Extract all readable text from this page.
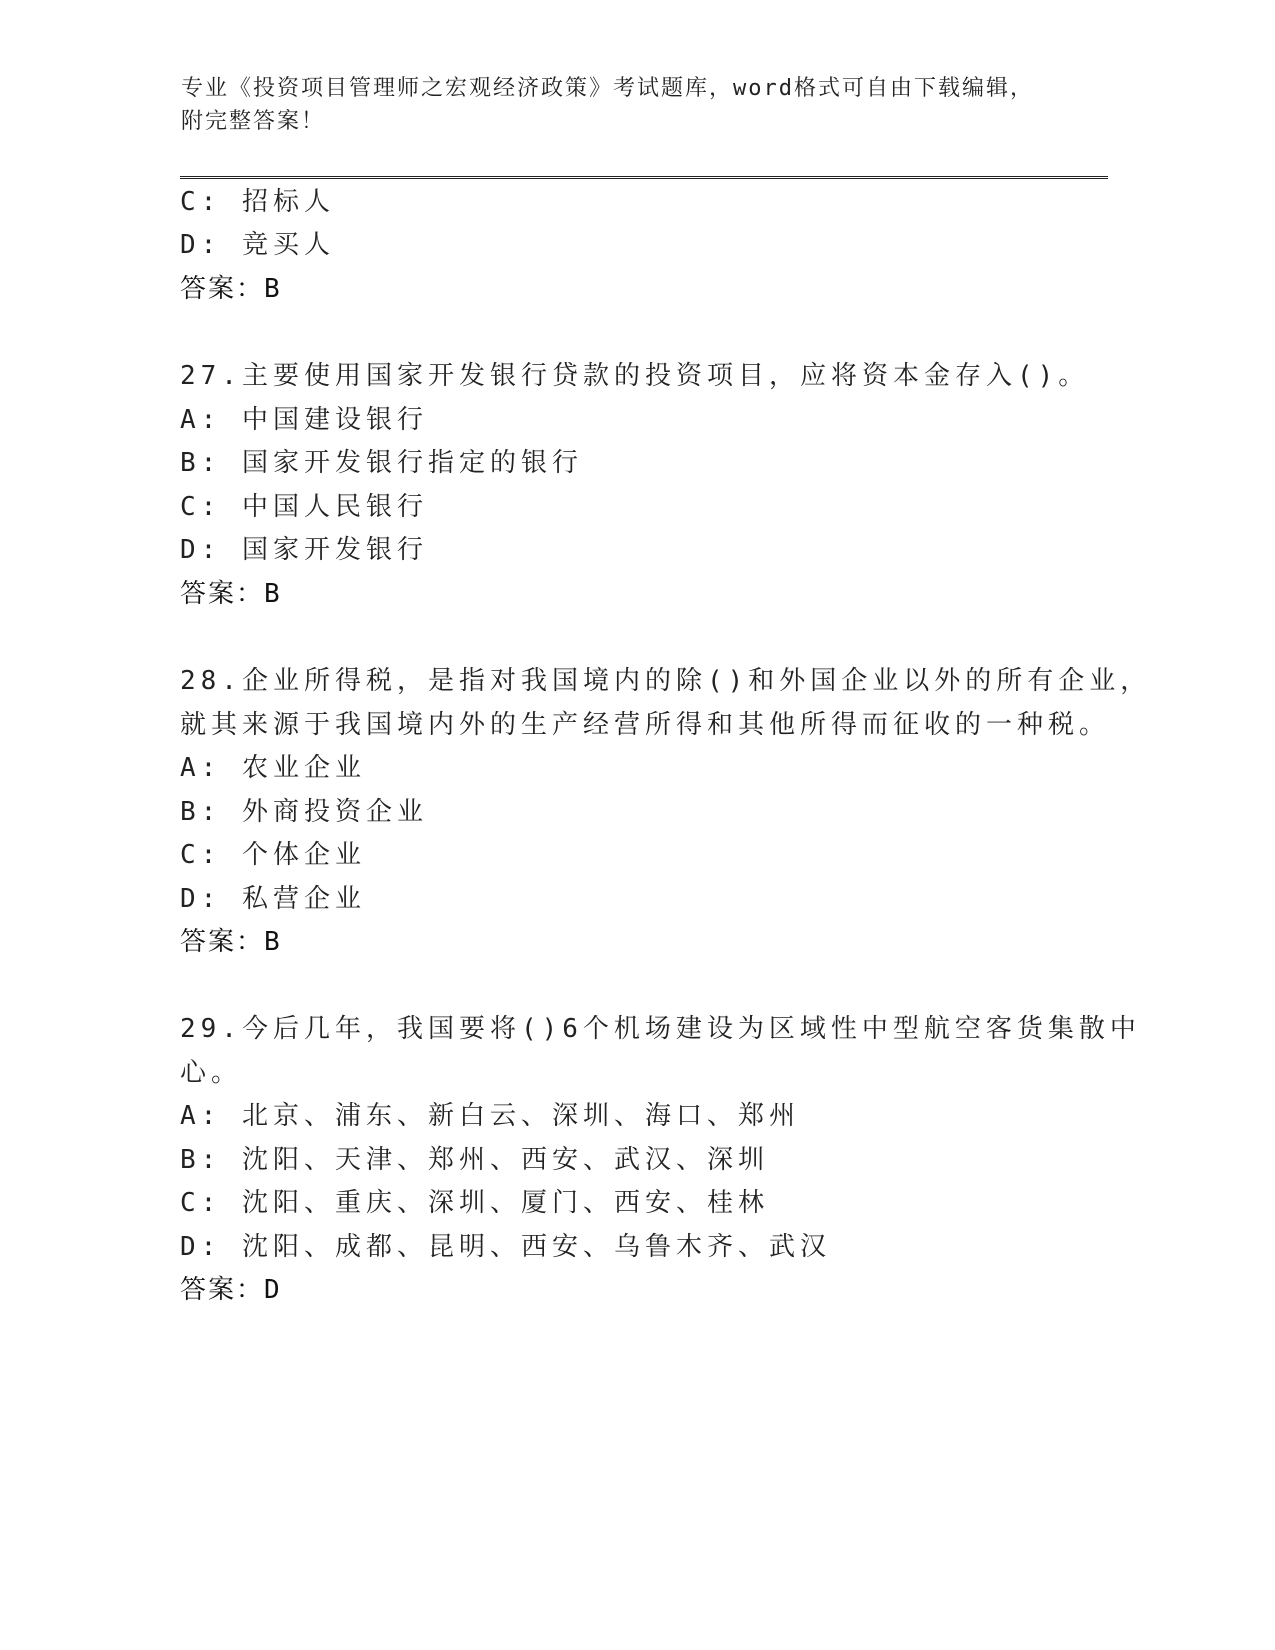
专业《投资项目管理师之宏观经济政策》考试题库，word格式可自由下载编辑，
附完整答案！
C: 招标人
D: 竞买人
答案：B
27.主要使用国家开发银行贷款的投资项目，应将资本金存入()。
A: 中国建设银行
B: 国家开发银行指定的银行
C: 中国人民银行
D: 国家开发银行
答案：B
28.企业所得税，是指对我国境内的除()和外国企业以外的所有企业，
就其来源于我国境内外的生产经营所得和其他所得而征收的一种税。
A: 农业企业
B: 外商投资企业
C: 个体企业
D: 私营企业
答案：B
29.今后几年，我国要将()6个机场建设为区域性中型航空客货集散中
心。
A: 北京、浦东、新白云、深圳、海口、郑州
B: 沈阳、天津、郑州、西安、武汉、深圳
C: 沈阳、重庆、深圳、厦门、西安、桂林
D: 沈阳、成都、昆明、西安、乌鲁木齐、武汉
答案：D
